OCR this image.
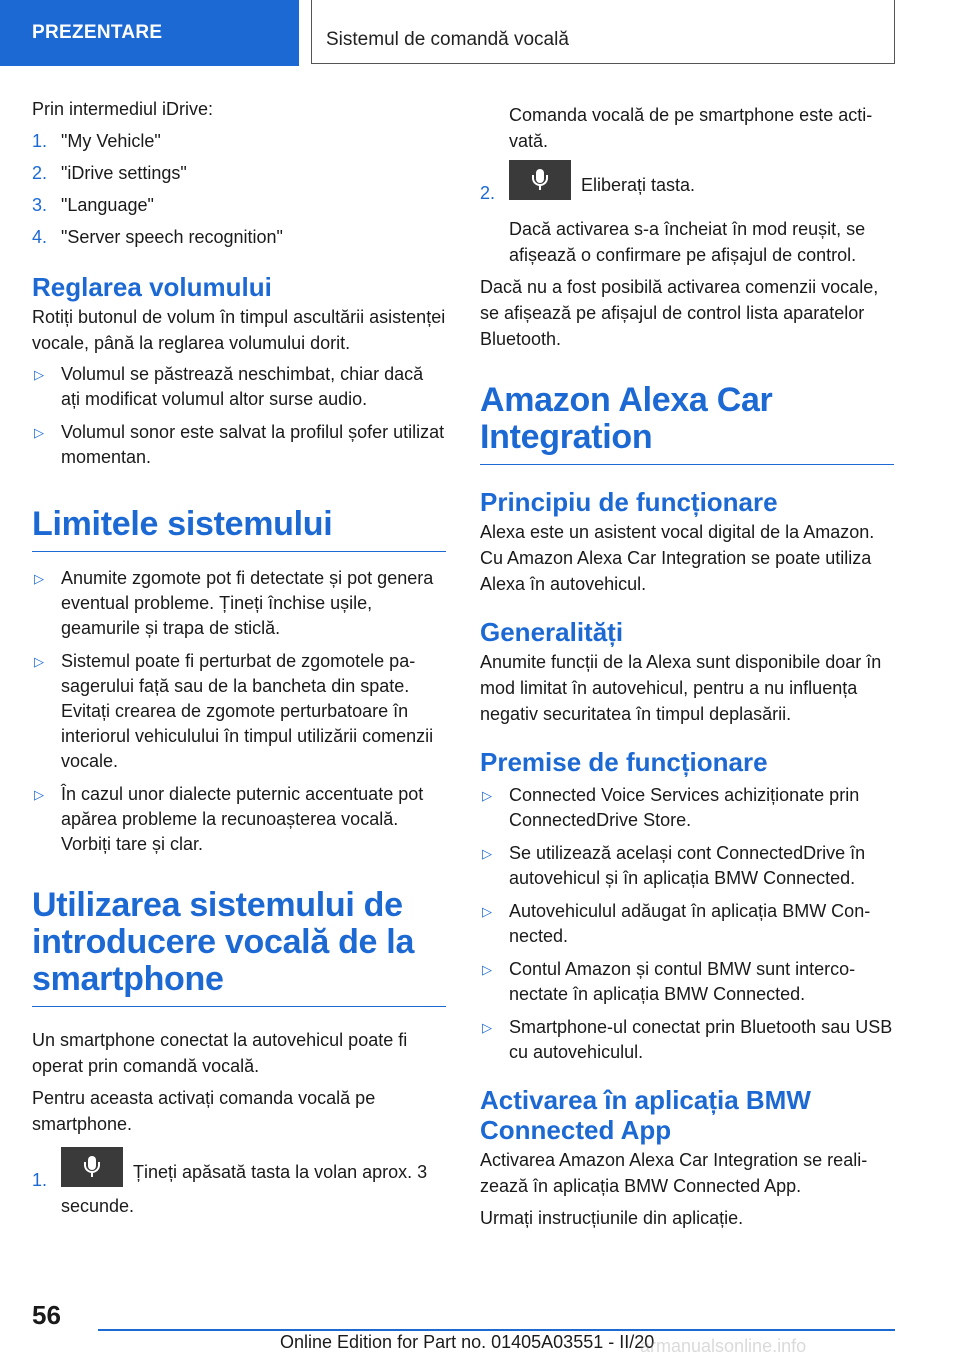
PREZENTARE	Sistemul de comandă vocală

Prin intermediul iDrive:

1. "My Vehicle"
2. "iDrive settings"
3. "Language"
4. "Server speech recognition"
Reglarea volumului

Rotiți butonul de volum în timpul ascultării asistenței vocale, până la reglarea volumului dorit.

▷ Volumul se păstrează neschimbat, chiar dacă ați modificat volumul altor surse audio.
▷ Volumul sonor este salvat la profilul șofer utilizat momentan.
Limitele sistemului
▷ Anumite zgomote pot fi detectate și pot genera eventual probleme. Țineți închise ușile, geamurile și trapa de sticlă.
▷ Sistemul poate fi perturbat de zgomotele pasagerului față sau de la bancheta din spate. Evitați crearea de zgomote perturbatoare în interiorul vehiculului în timpul utilizării comenzii vocale.
▷ În cazul unor dialecte puternic accentuate pot apărea probleme la recunoașterea vocală. Vorbiți tare și clar.
Utilizarea sistemului de introducere vocală de la smartphone

Un smartphone conectat la autovehicul poate fi operat prin comandă vocală.

Pentru aceasta activați comanda vocală pe smartphone.

1.	Țineți apăsată tasta la volan aprox. 3 secunde.

Comanda vocală de pe smartphone este activată.

2.	Eliberați tasta.

Dacă activarea s-a încheiat în mod reușit, se afișează o confirmare pe afișajul de control.

Dacă nu a fost posibilă activarea comenzii vocale, se afișează pe afișajul de control lista aparatelor Bluetooth.

Amazon Alexa Car Integration
Principiu de funcționare

Alexa este un asistent vocal digital de la Amazon. Cu Amazon Alexa Car Integration se poate utiliza Alexa în autovehicul.

Generalități

Anumite funcții de la Alexa sunt disponibile doar în mod limitat în autovehicul, pentru a nu influența negativ securitatea în timpul deplasării.

Premise de funcționare
▷ Connected Voice Services achiziționate prin ConnectedDrive Store.
▷ Se utilizează același cont ConnectedDrive în autovehicul și în aplicația BMW Connected.
▷ Autovehiculul adăugat în aplicația BMW Connected.
▷ Contul Amazon și contul BMW sunt interconectate în aplicația BMW Connected.
▷ Smartphone-ul conectat prin Bluetooth sau USB cu autovehiculul.
Activarea în aplicația BMW Connected App

Activarea Amazon Alexa Car Integration se realizează în aplicația BMW Connected App.

Urmați instrucțiunile din aplicație.

56
Online Edition for Part no. 01405A03551 - II/20
armanualsonline.info
